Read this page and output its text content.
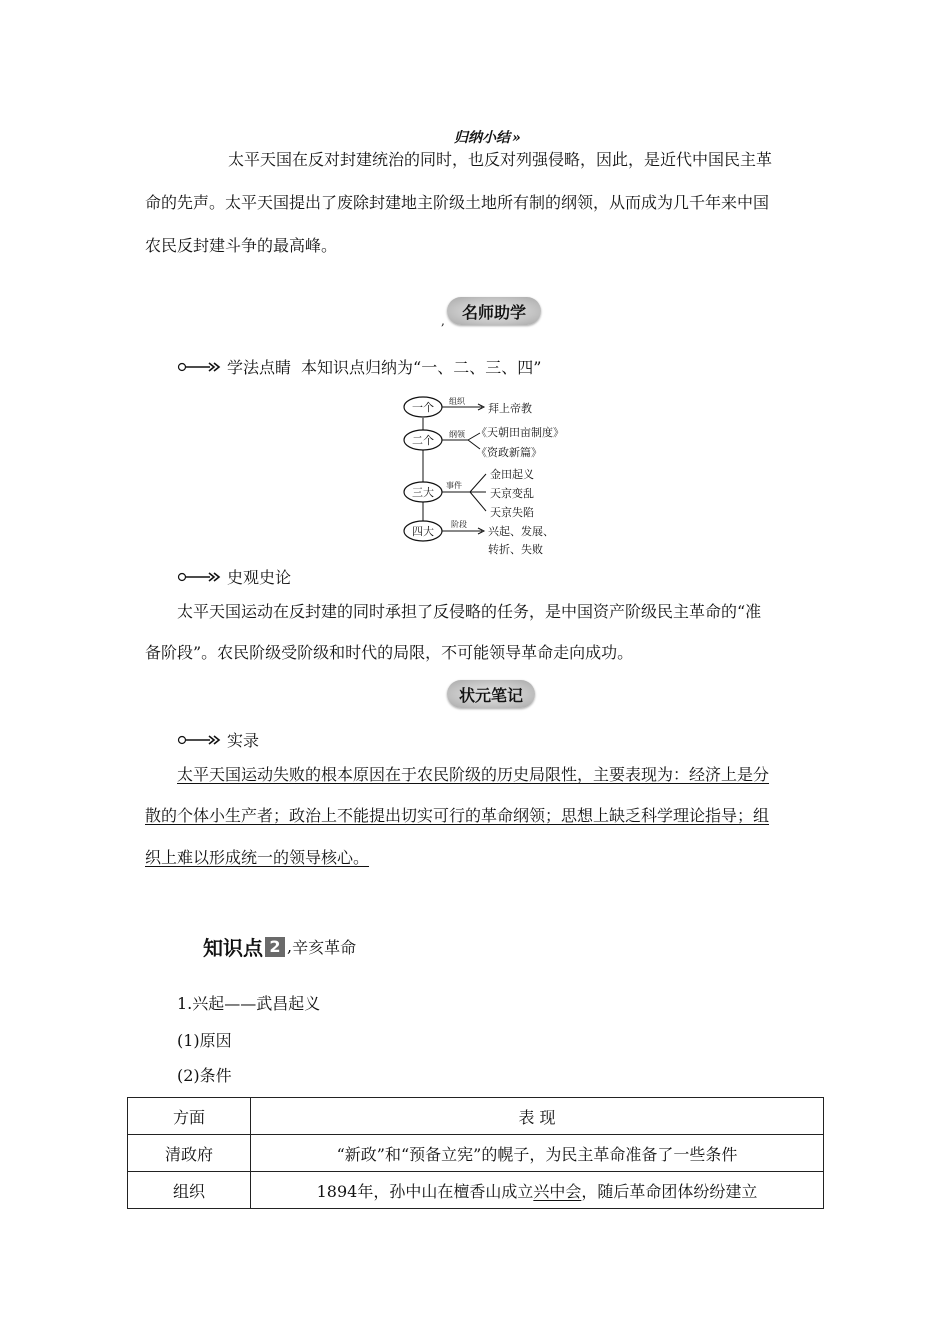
归纳小结 »
太平天国在反对封建统治的同时，也反对列强侵略，因此，是近代中国民主革
命的先声。太平天国提出了废除封建地主阶级土地所有制的纲领，从而成为几千年来中国
农民反封建斗争的最高峰。
名师助学
,
学法点睛 本知识点归纳为“一、二、三、四”
一个 组织
拜上帝教
二个 纲领 《天朝田亩制度》
《资政新篇》
三大
事件
金田起义
天京变乱
天京失陷
四大
阶段
兴起、发展、
转折、失败
史观史论
太平天国运动在反封建的同时承担了反侵略的任务，是中国资产阶级民主革命的“准
备阶段”。农民阶级受阶级和时代的局限，不可能领导革命走向成功。
状元笔记
实录
太平天国运动失败的根本原因在于农民阶级的历史局限性，主要表现为：经济上是分
散的个体小生产者；政治上不能提出切实可行的革命纲领；思想上缺乏科学理论指导；组
织上难以形成统一的领导核心。
知识点 2 , 辛亥革命
1.兴起——武昌起义
(1)原因
(2)条件
方面	表 现
清政府	“新政”和“预备立宪”的幌子，为民主革命准备了一些条件
组织	1894年，孙中山在檀香山成立兴中会，随后革命团体纷纷建立
